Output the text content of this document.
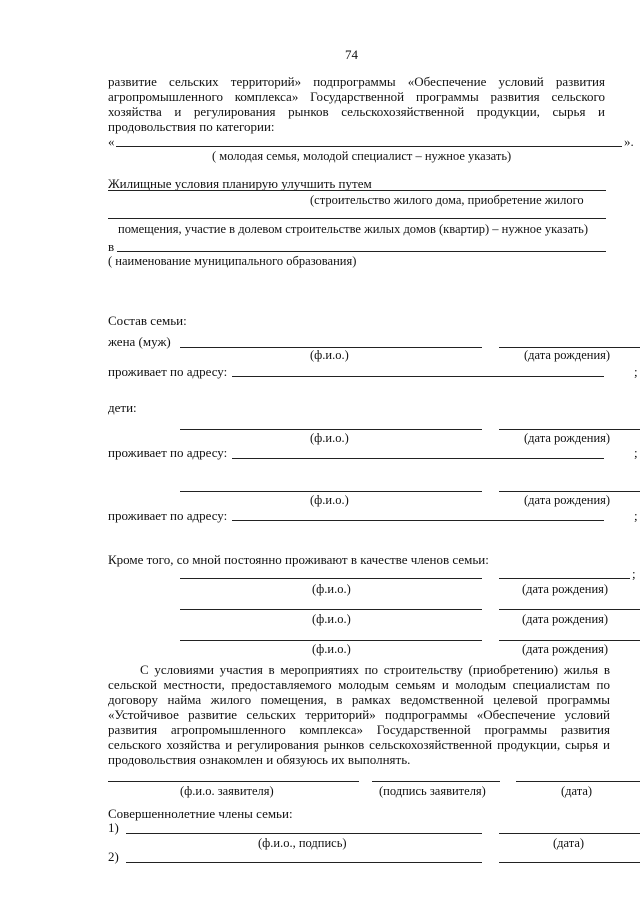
74
развитие сельских территорий» подпрограммы «Обеспечение условий развития
агропромышленного комплекса» Государственной программы развития сельского
хозяйства и регулирования рынков сельскохозяйственной продукции, сырья и
продовольствия по категории:
«	».
( молодая семья, молодой специалист – нужное указать)
Жилищные условия планирую улучшить путем
(строительство жилого дома, приобретение жилого
помещения, участие в долевом строительстве жилых домов (квартир) – нужное указать)
в
( наименование муниципального образования)
Состав семьи:
жена (муж)
(ф.и.о.)	(дата рождения)
проживает по адресу:	;
дети:
(ф.и.о.)	(дата рождения)
проживает по адресу:	;
(ф.и.о.)	(дата рождения)
проживает по адресу:	;
Кроме того, со мной постоянно проживают в качестве членов семьи:
;
(ф.и.о.)	(дата рождения)
(ф.и.о.)	(дата рождения)
(ф.и.о.)	(дата рождения)
С условиями участия в мероприятиях по строительству (приобретению) жилья в
сельской местности, предоставляемого молодым семьям и молодым специалистам по
договору найма жилого помещения, в рамках ведомственной целевой программы
«Устойчивое развитие сельских территорий» подпрограммы «Обеспечение условий
развития агропромышленного комплекса» Государственной программы развития
сельского хозяйства и регулирования рынков сельскохозяйственной продукции, сырья и
продовольствия ознакомлен и обязуюсь их выполнять.
(ф.и.о. заявителя)	(подпись заявителя)	(дата)
Совершеннолетние члены семьи:
1)
(ф.и.о., подпись)	(дата)
2)
